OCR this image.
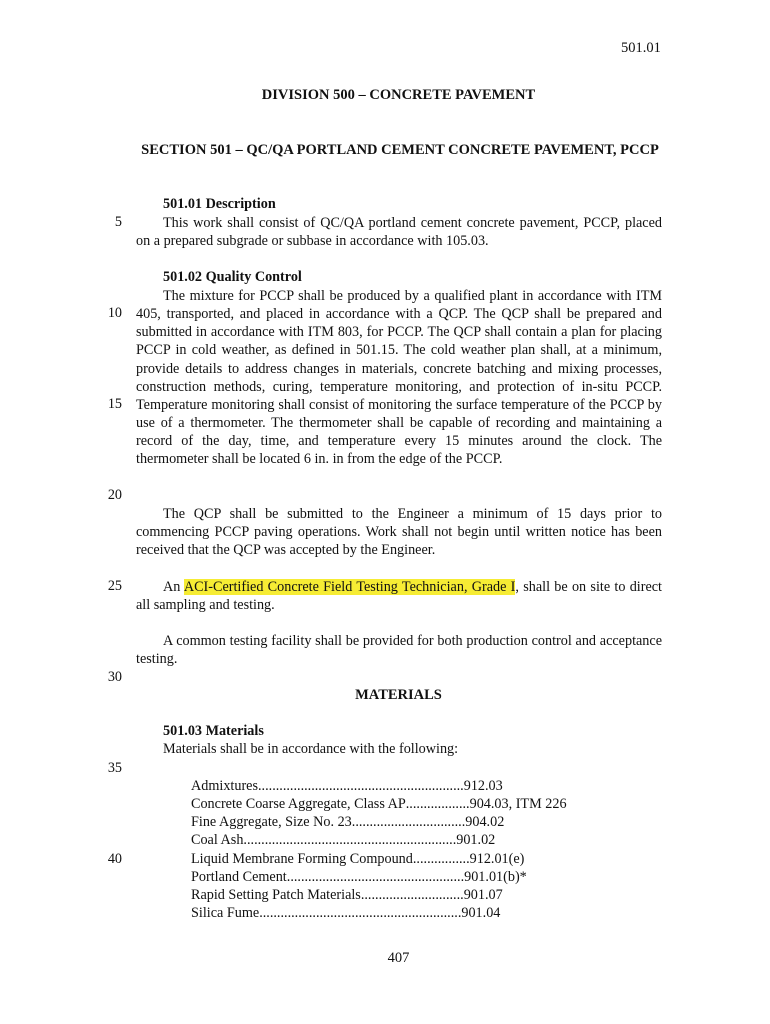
501.01
DIVISION 500 – CONCRETE PAVEMENT
SECTION 501 – QC/QA PORTLAND CEMENT CONCRETE PAVEMENT, PCCP
5
10
15
20
25
30
35
40
501.01 Description
This work shall consist of QC/QA portland cement concrete pavement, PCCP, placed on a prepared subgrade or subbase in accordance with 105.03.
501.02 Quality Control
The mixture for PCCP shall be produced by a qualified plant in accordance with ITM 405, transported, and placed in accordance with a QCP. The QCP shall be prepared and submitted in accordance with ITM 803, for PCCP. The QCP shall contain a plan for placing PCCP in cold weather, as defined in 501.15. The cold weather plan shall, at a minimum, provide details to address changes in materials, concrete batching and mixing processes, construction methods, curing, temperature monitoring, and protection of in-situ PCCP. Temperature monitoring shall consist of monitoring the surface temperature of the PCCP by use of a thermometer. The thermometer shall be capable of recording and maintaining a record of the day, time, and temperature every 15 minutes around the clock. The thermometer shall be located 6 in. in from the edge of the PCCP.
The QCP shall be submitted to the Engineer a minimum of 15 days prior to commencing PCCP paving operations. Work shall not begin until written notice has been received that the QCP was accepted by the Engineer.
An ACI-Certified Concrete Field Testing Technician, Grade I, shall be on site to direct all sampling and testing.
A common testing facility shall be provided for both production control and acceptance testing.
MATERIALS
501.03 Materials
Materials shall be in accordance with the following:
Admixtures .......................................................... 912.03
Concrete Coarse Aggregate, Class AP .................. 904.03, ITM 226
Fine Aggregate, Size No. 23 ................................ 904.02
Coal Ash ............................................................ 901.02
Liquid Membrane Forming Compound ................ 912.01(e)
Portland Cement .................................................. 901.01(b)*
Rapid Setting Patch Materials ............................. 901.07
Silica Fume ......................................................... 901.04
407
